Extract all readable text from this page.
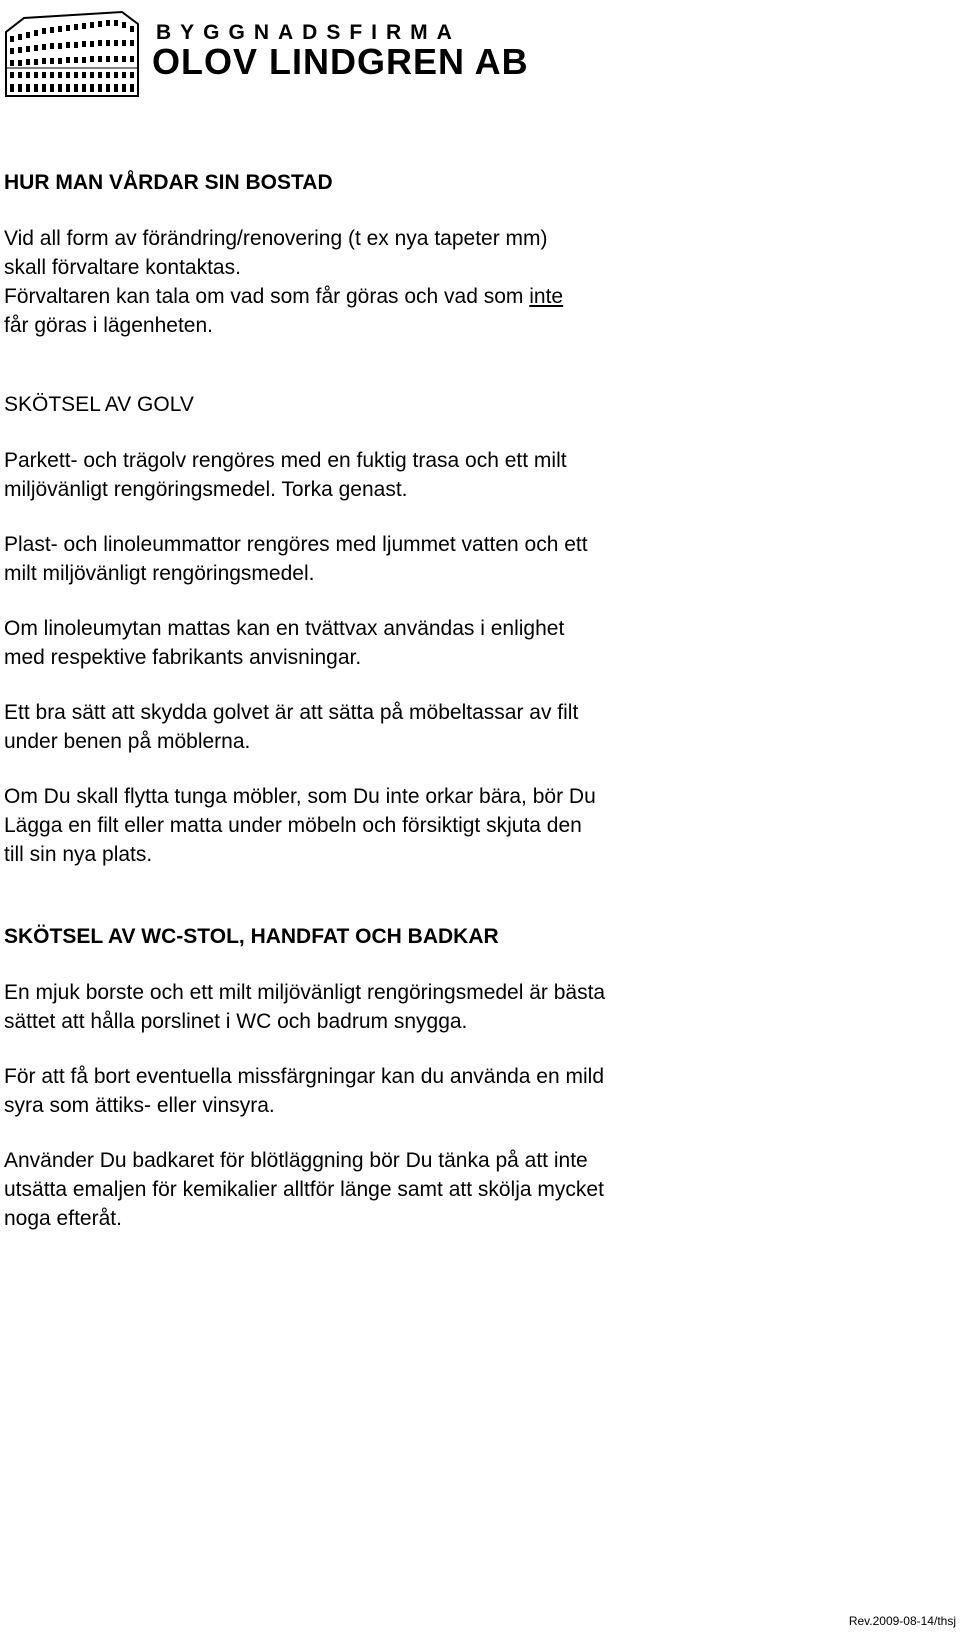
BYGGNADSFIRMA
OLOV LINDGREN AB
HUR MAN VÅRDAR SIN BOSTAD
Vid all form av förändring/renovering (t ex nya tapeter mm)
skall förvaltare kontaktas.
Förvaltaren kan tala om vad som får göras och vad som inte
får göras i lägenheten.
SKÖTSEL AV GOLV
Parkett- och trägolv rengöres med en fuktig trasa och ett milt
miljövänligt rengöringsmedel. Torka genast.
Plast- och linoleummattor rengöres med ljummet vatten och ett
milt miljövänligt rengöringsmedel.
Om linoleumytan mattas kan en tvättvax användas i enlighet
med respektive fabrikants anvisningar.
Ett bra sätt att skydda golvet är att sätta på möbeltassar av filt
under benen på möblerna.
Om Du skall flytta tunga möbler, som Du inte orkar bära, bör Du
Lägga en filt eller matta under möbeln och försiktigt skjuta den
till sin nya plats.
SKÖTSEL AV WC-STOL, HANDFAT OCH BADKAR
En mjuk borste och ett milt miljövänligt rengöringsmedel är bästa
sättet att hålla porslinet i WC och badrum snygga.
För att få bort eventuella missfärgningar kan du använda en mild
syra som ättiks- eller vinsyra.
Använder Du badkaret för blötläggning bör Du tänka på att inte
utsätta emaljen för kemikalier alltför länge samt att skölja mycket
noga efteråt.
Rev.2009-08-14/thsj
